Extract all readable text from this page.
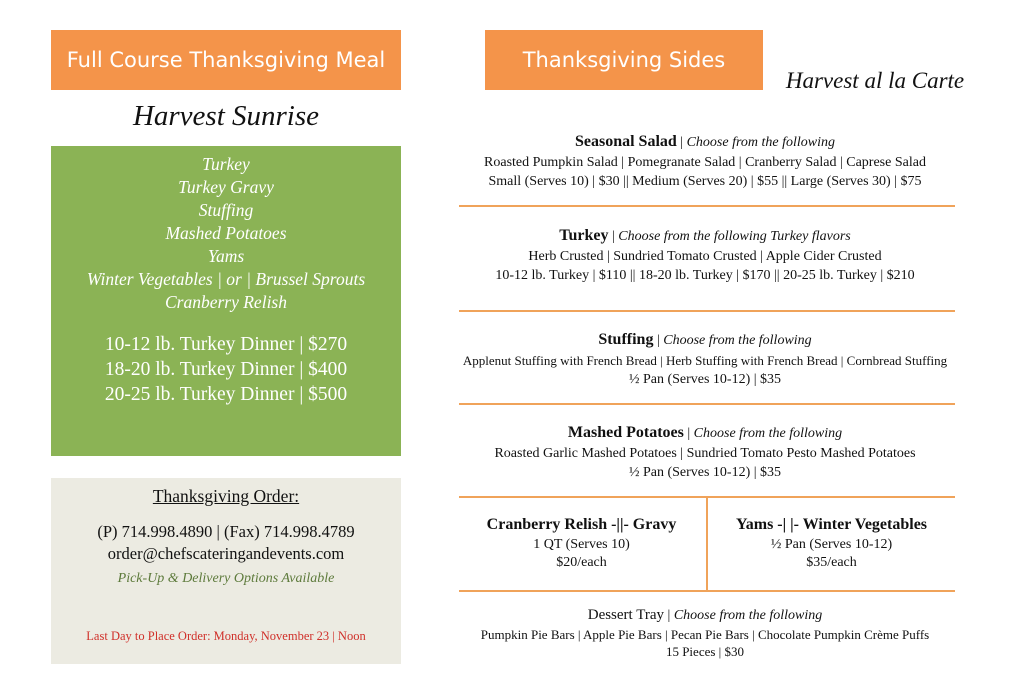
Full Course Thanksgiving Meal
Harvest Sunrise
Turkey
Turkey Gravy
Stuffing
Mashed Potatoes
Yams
Winter Vegetables | or | Brussel Sprouts
Cranberry Relish
10-12 lb. Turkey Dinner | $270
18-20 lb. Turkey Dinner | $400
20-25 lb. Turkey Dinner | $500
Thanksgiving Order:
(P) 714.998.4890 | (Fax) 714.998.4789
order@chefscateringandevents.com
Pick-Up & Delivery Options Available
Last Day to Place Order: Monday, November 23 | Noon
Thanksgiving Sides
Harvest al la Carte
Seasonal Salad | Choose from the following
Roasted Pumpkin Salad | Pomegranate Salad | Cranberry Salad | Caprese Salad
Small (Serves 10) | $30 || Medium (Serves 20) | $55 || Large (Serves 30) | $75
Turkey | Choose from the following Turkey flavors
Herb Crusted | Sundried Tomato Crusted | Apple Cider Crusted
10-12 lb. Turkey | $110 || 18-20 lb. Turkey | $170 || 20-25 lb. Turkey | $210
Stuffing | Choose from the following
Applenut Stuffing with French Bread | Herb Stuffing with French Bread | Cornbread Stuffing
½ Pan (Serves 10-12) | $35
Mashed Potatoes | Choose from the following
Roasted Garlic Mashed Potatoes | Sundried Tomato Pesto Mashed Potatoes
½ Pan (Serves 10-12) | $35
Cranberry Relish -||- Gravy
1 QT (Serves 10)
$20/each
Yams -| |- Winter Vegetables
½ Pan (Serves 10-12)
$35/each
Dessert Tray | Choose from the following
Pumpkin Pie Bars | Apple Pie Bars | Pecan Pie Bars | Chocolate Pumpkin Crème Puffs
15 Pieces | $30
